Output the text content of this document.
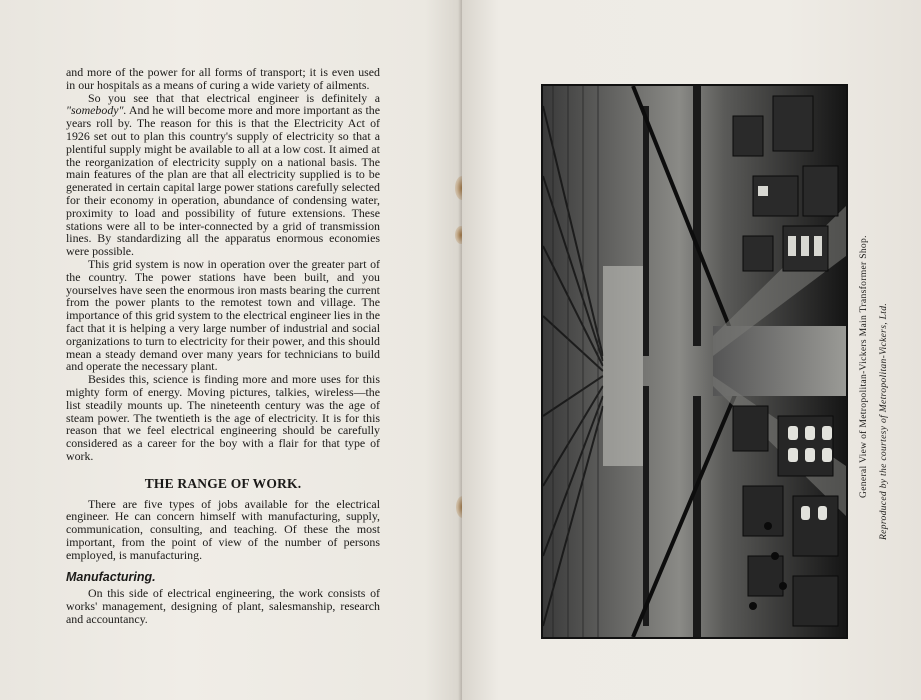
and more of the power for all forms of transport; it is even used in our hospitals as a means of curing a wide variety of ailments.

So you see that that electrical engineer is definitely a "somebody". And he will become more and more important as the years roll by. The reason for this is that the Electricity Act of 1926 set out to plan this country's supply of electricity so that a plentiful supply might be available to all at a low cost. It aimed at the reorganization of electricity supply on a national basis. The main features of the plan are that all electricity supplied is to be generated in certain capital large power stations carefully selected for their economy in operation, abundance of condensing water, proximity to load and possibility of future extensions. These stations were all to be inter-connected by a grid of transmission lines. By standardizing all the apparatus enormous economies were possible.

This grid system is now in operation over the greater part of the country. The power stations have been built, and you yourselves have seen the enormous iron masts bearing the current from the power plants to the remotest town and village. The importance of this grid system to the electrical engineer lies in the fact that it is helping a very large number of industrial and social organizations to turn to electricity for their power, and this should mean a steady demand over many years for technicians to build and operate the necessary plant.

Besides this, science is finding more and more uses for this mighty form of energy. Moving pictures, talkies, wireless—the list steadily mounts up. The nineteenth century was the age of steam power. The twentieth is the age of electricity. It is for this reason that we feel electrical engineering should be carefully considered as a career for the boy with a flair for that type of work.

THE RANGE OF WORK.

There are five types of jobs available for the electrical engineer. He can concern himself with manufacturing, supply, communication, consulting, and teaching. Of these the most important, from the point of view of the number of persons employed, is manufacturing.

Manufacturing.

On this side of electrical engineering, the work consists of works' management, designing of plant, salesmanship, research and accountancy.

General View of Metropolitan-Vickers Main Transformer Shop. Reproduced by the courtesy of Metropolitan-Vickers, Ltd.
